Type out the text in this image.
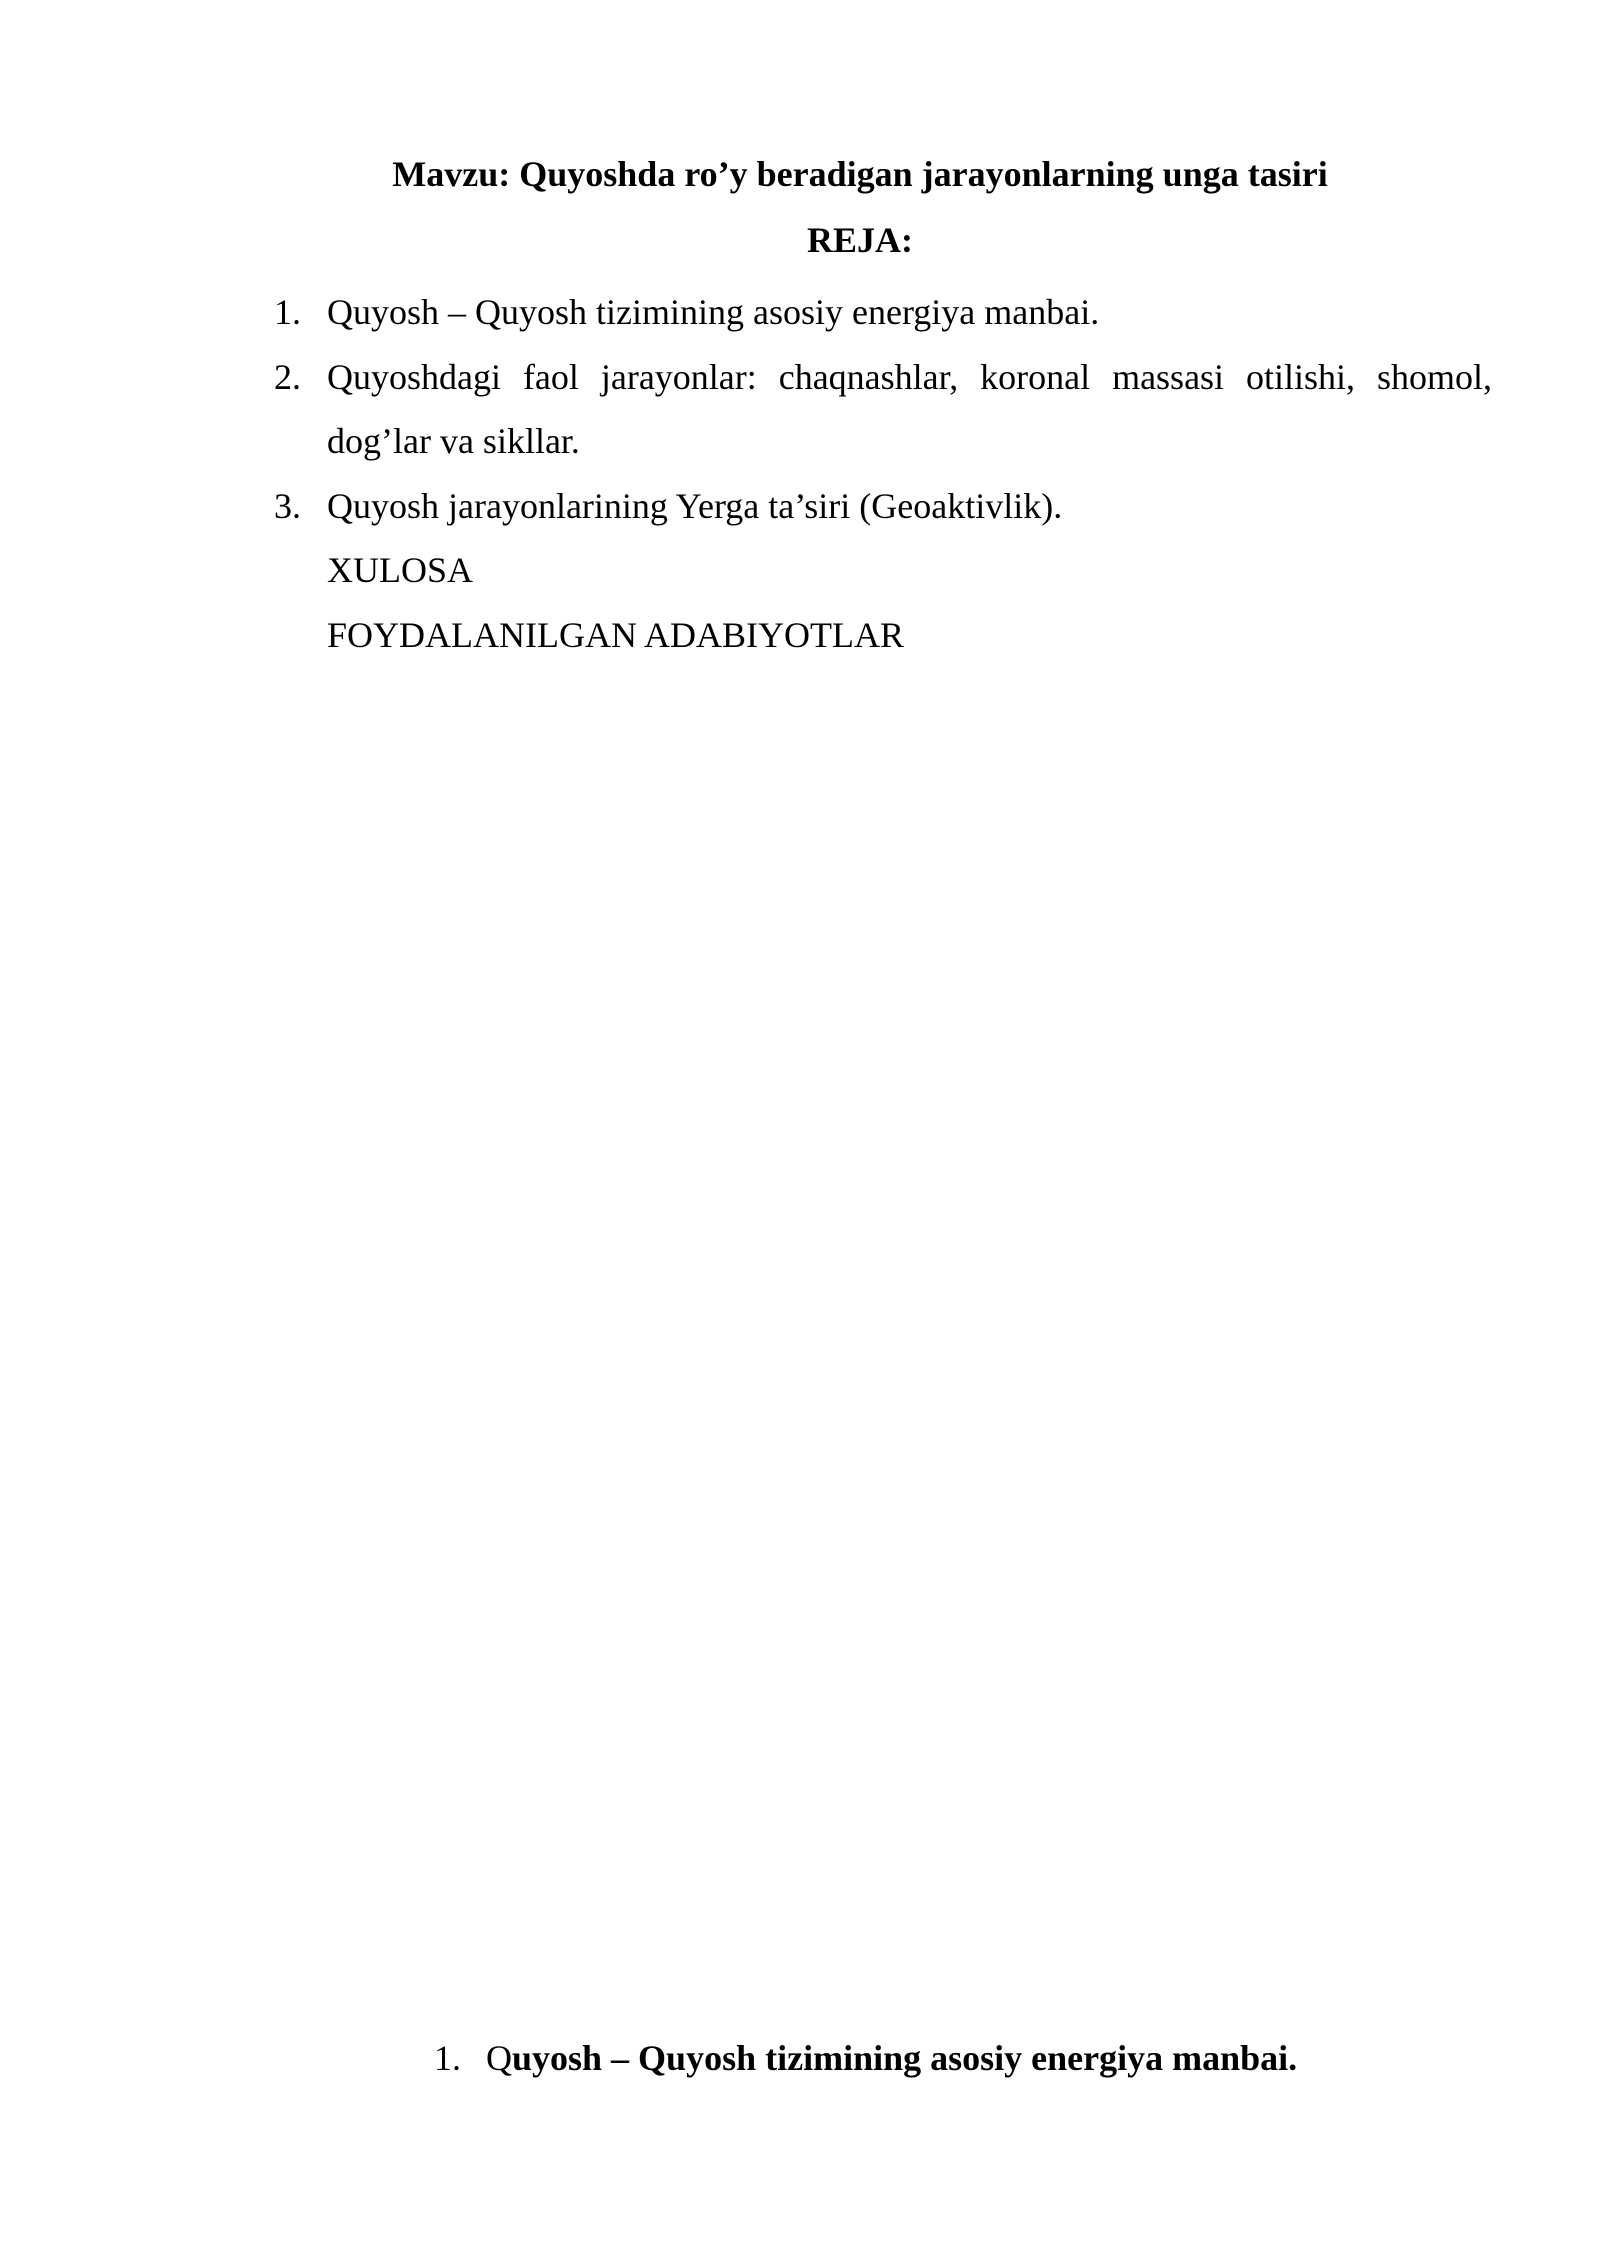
Mavzu: Quyoshda ro’y beradigan jarayonlarning unga tasiri
REJA:
1. Quyosh – Quyosh tizimining asosiy energiya manbai.
2. Quyoshdagi faol jarayonlar: chaqnashlar, koronal massasi otilishi, shomol, dog’lar va sikllar.
3. Quyosh jarayonlarining Yerga ta’siri (Geoaktivlik).
XULOSA
FOYDALANILGAN ADABIYOTLAR
1. Quyosh – Quyosh tizimining asosiy energiya manbai.
